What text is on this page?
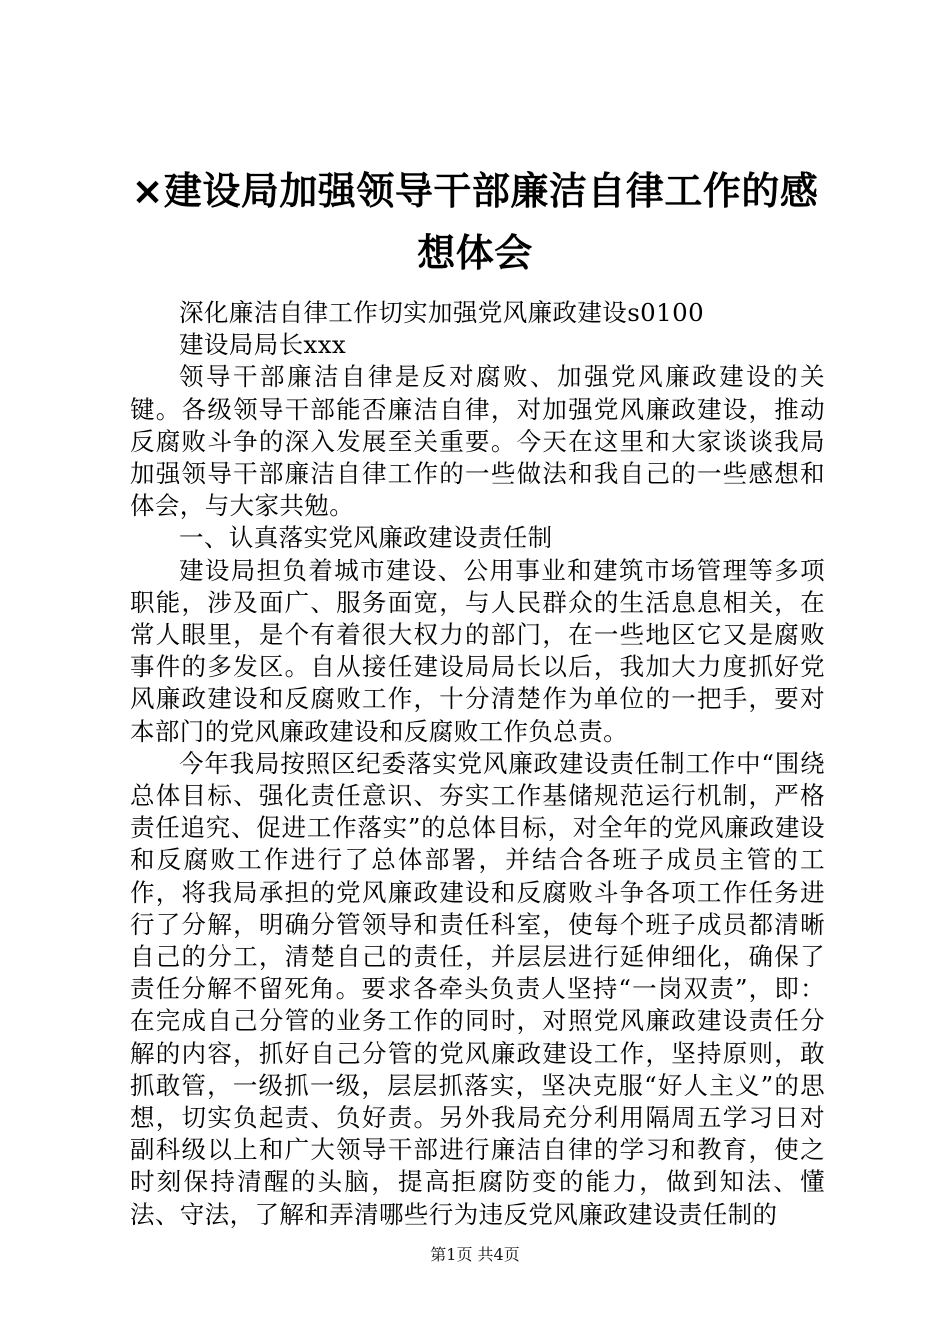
×建设局加强领导干部廉洁自律工作的感想体会

深化廉洁自律工作切实加强党风廉政建设s0100

建设局局长xxx

领导干部廉洁自律是反对腐败、加强党风廉政建设的关键。各级领导干部能否廉洁自律，对加强党风廉政建设，推动反腐败斗争的深入发展至关重要。今天在这里和大家谈谈我局加强领导干部廉洁自律工作的一些做法和我自己的一些感想和体会，与大家共勉。

一、认真落实党风廉政建设责任制

建设局担负着城市建设、公用事业和建筑市场管理等多项职能，涉及面广、服务面宽，与人民群众的生活息息相关，在常人眼里，是个有着很大权力的部门，在一些地区它又是腐败事件的多发区。自从接任建设局局长以后，我加大力度抓好党风廉政建设和反腐败工作，十分清楚作为单位的一把手，要对本部门的党风廉政建设和反腐败工作负总责。

今年我局按照区纪委落实党风廉政建设责任制工作中“围绕总体目标、强化责任意识、夯实工作基储规范运行机制，严格责任追究、促进工作落实”的总体目标，对全年的党风廉政建设和反腐败工作进行了总体部署，并结合各班子成员主管的工作，将我局承担的党风廉政建设和反腐败斗争各项工作任务进行了分解，明确分管领导和责任科室，使每个班子成员都清晰自己的分工，清楚自己的责任，并层层进行延伸细化，确保了责任分解不留死角。要求各牵头负责人坚持“一岗双责”，即：在完成自己分管的业务工作的同时，对照党风廉政建设责任分解的内容，抓好自己分管的党风廉政建设工作，坚持原则，敢抓敢管，一级抓一级，层层抓落实，坚决克服“好人主义”的思想，切实负起责、负好责。另外我局充分利用隔周五学习日对副科级以上和广大领导干部进行廉洁自律的学习和教育，使之时刻保持清醒的头脑，提高拒腐防变的能力，做到知法、懂法、守法，了解和弄清哪些行为违反党风廉政建设责任制的

第1页 共4页
